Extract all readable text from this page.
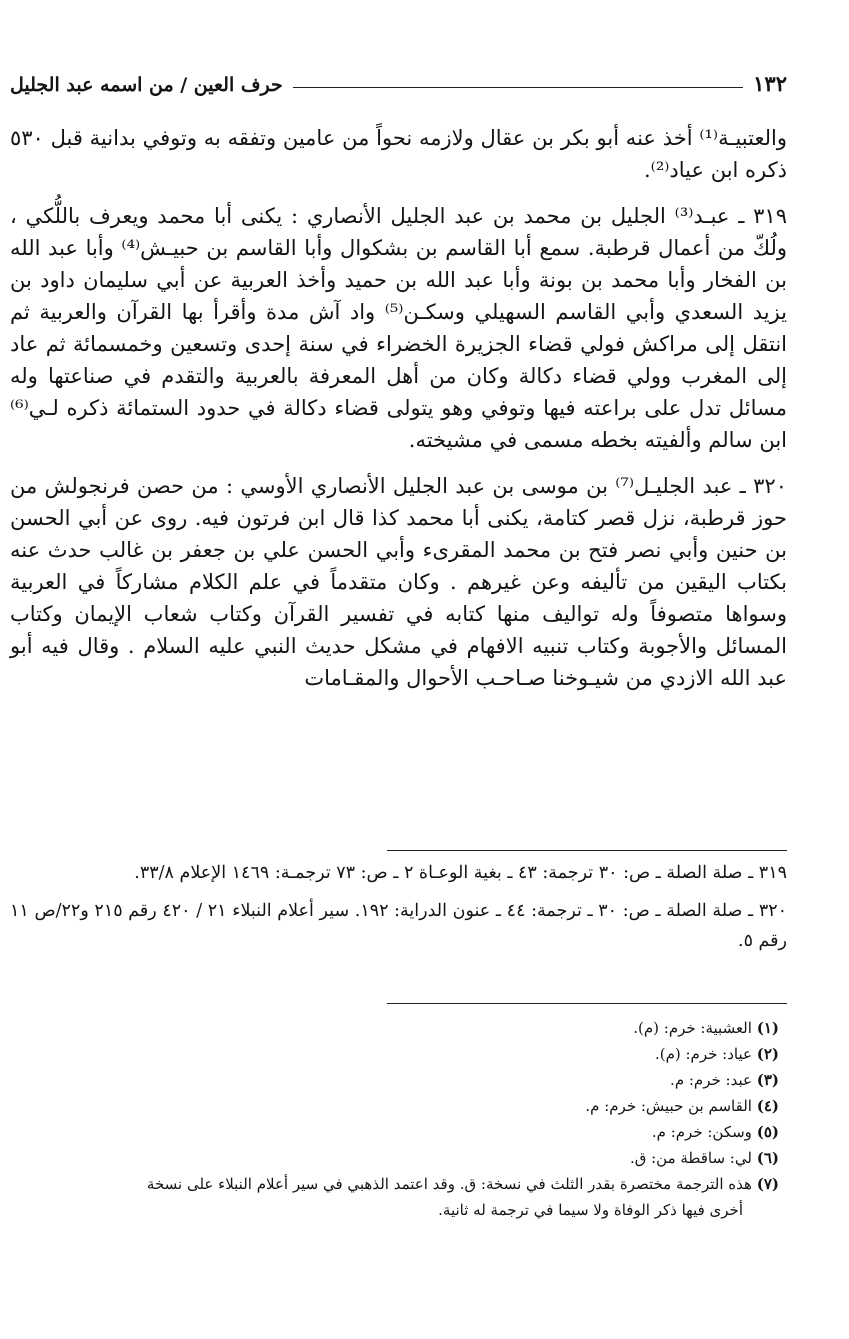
١٣٢
حرف العين / من اسمه عبد الجليل

والعتبيـة⁽¹⁾ أخذ عنه أبو بكر بن عقال ولازمه نحواً من عامين وتفقه به وتوفي بدانية قبل ٥٣٠ ذكره ابن عياد⁽²⁾.

٣١٩ ـ عبـد⁽³⁾ الجليل بن محمد بن عبد الجليل الأنصاري : يكنى أبا محمد ويعرف باللُّكي ، ولُكّ من أعمال قرطبة. سمع أبا القاسم بن بشكوال وأبا القاسم بن حبيـش⁽⁴⁾ وأبا عبد الله بن الفخار وأبا محمد بن بونة وأبا عبد الله بن حميد وأخذ العربية عن أبي سليمان داود بن يزيد السعدي وأبي القاسم السهيلي وسكـن⁽⁵⁾ واد آش مدة وأقرأ بها القرآن والعربية ثم انتقل إلى مراكش فولي قضاء الجزيرة الخضراء في سنة إحدى وتسعين وخمسمائة ثم عاد إلى المغرب وولي قضاء دكالة وكان من أهل المعرفة بالعربية والتقدم في صناعتها وله مسائل تدل على براعته فيها وتوفي وهو يتولى قضاء دكالة في حدود الستمائة ذكره لـي⁽⁶⁾ ابن سالم وألفيته بخطه مسمى في مشيخته.

٣٢٠ ـ عبد الجليـل⁽⁷⁾ بن موسى بن عبد الجليل الأنصاري الأوسي : من حصن فرنجولش من حوز قرطبة، نزل قصر كتامة، يكنى أبا محمد كذا قال ابن فرتون فيه. روى عن أبي الحسن بن حنين وأبي نصر فتح بن محمد المقرىء وأبي الحسن علي بن جعفر بن غالب حدث عنه بكتاب اليقين من تأليفه وعن غيرهم . وكان متقدماً في علم الكلام مشاركاً في العربية وسواها متصوفاً وله تواليف منها كتابه في تفسير القرآن وكتاب شعاب الإيمان وكتاب المسائل والأجوبة وكتاب تنبيه الافهام في مشكل حديث النبي عليه السلام . وقال فيه أبو عبد الله الازدي من شيـوخنا صـاحـب الأحوال والمقـامات

٣١٩ ـ صلة الصلة ـ ص: ٣٠ ترجمة: ٤٣ ـ بغية الوعـاة ٢ ـ ص: ٧٣ ترجمـة: ١٤٦٩ الإعلام ٣٣/٨.

٣٢٠ ـ صلة الصلة ـ ص: ٣٠ ـ ترجمة: ٤٤ ـ عنون الدراية: ١٩٢. سير أعلام النبلاء ٢١ / ٤٢٠ رقم ٢١٥ و٢٢/ص ١١ رقم ٥.

(١) العشبية: خرم: (م).

(٢) عياد: خرم: (م).

(٣) عبد: خرم: م.

(٤) القاسم بن حبيش: خرم: م.

(٥) وسكن: خرم: م.

(٦) لي: ساقطة من: ق.

(٧) هذه الترجمة مختصرة بقدر الثلث في نسخة: ق. وقد اعتمد الذهبي في سير أعلام النبلاء على نسخة

أخرى فيها ذكر الوفاة ولا سيما في ترجمة له ثانية.
